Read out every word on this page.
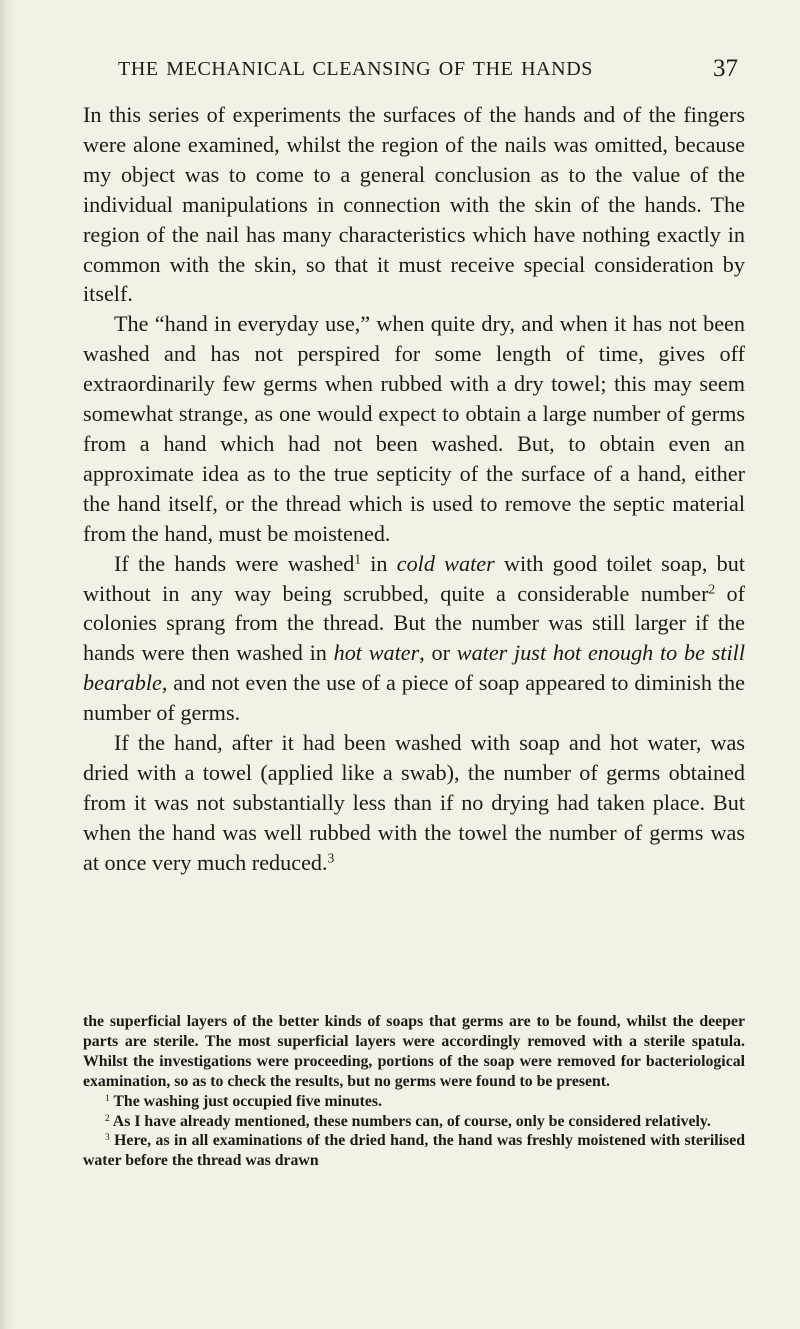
THE MECHANICAL CLEANSING OF THE HANDS	37

In this series of experiments the surfaces of the hands and of the fingers were alone examined, whilst the region of the nails was omitted, because my object was to come to a general conclusion as to the value of the individual manipulations in connection with the skin of the hands. The region of the nail has many characteristics which have nothing exactly in common with the skin, so that it must receive special consideration by itself.

The “hand in everyday use,” when quite dry, and when it has not been washed and has not perspired for some length of time, gives off extraordinarily few germs when rubbed with a dry towel; this may seem somewhat strange, as one would expect to obtain a large number of germs from a hand which had not been washed. But, to obtain even an approximate idea as to the true septicity of the surface of a hand, either the hand itself, or the thread which is used to remove the septic material from the hand, must be moistened.

If the hands were washed$^1$ in cold water with good toilet soap, but without in any way being scrubbed, quite a considerable number$^2$ of colonies sprang from the thread. But the number was still larger if the hands were then washed in hot water, or water just hot enough to be still bearable, and not even the use of a piece of soap appeared to diminish the number of germs.

If the hand, after it had been washed with soap and hot water, was dried with a towel (applied like a swab), the number of germs obtained from it was not substantially less than if no drying had taken place. But when the hand was well rubbed with the towel the number of germs was at once very much reduced.$^3$

the superficial layers of the better kinds of soaps that germs are to be found, whilst the deeper parts are sterile. The most superficial layers were accordingly removed with a sterile spatula. Whilst the investigations were proceeding, portions of the soap were removed for bacteriological examination, so as to check the results, but no germs were found to be present.

$^1$ The washing just occupied five minutes.

$^2$ As I have already mentioned, these numbers can, of course, only be considered relatively.

$^3$ Here, as in all examinations of the dried hand, the hand was freshly moistened with sterilised water before the thread was drawn
